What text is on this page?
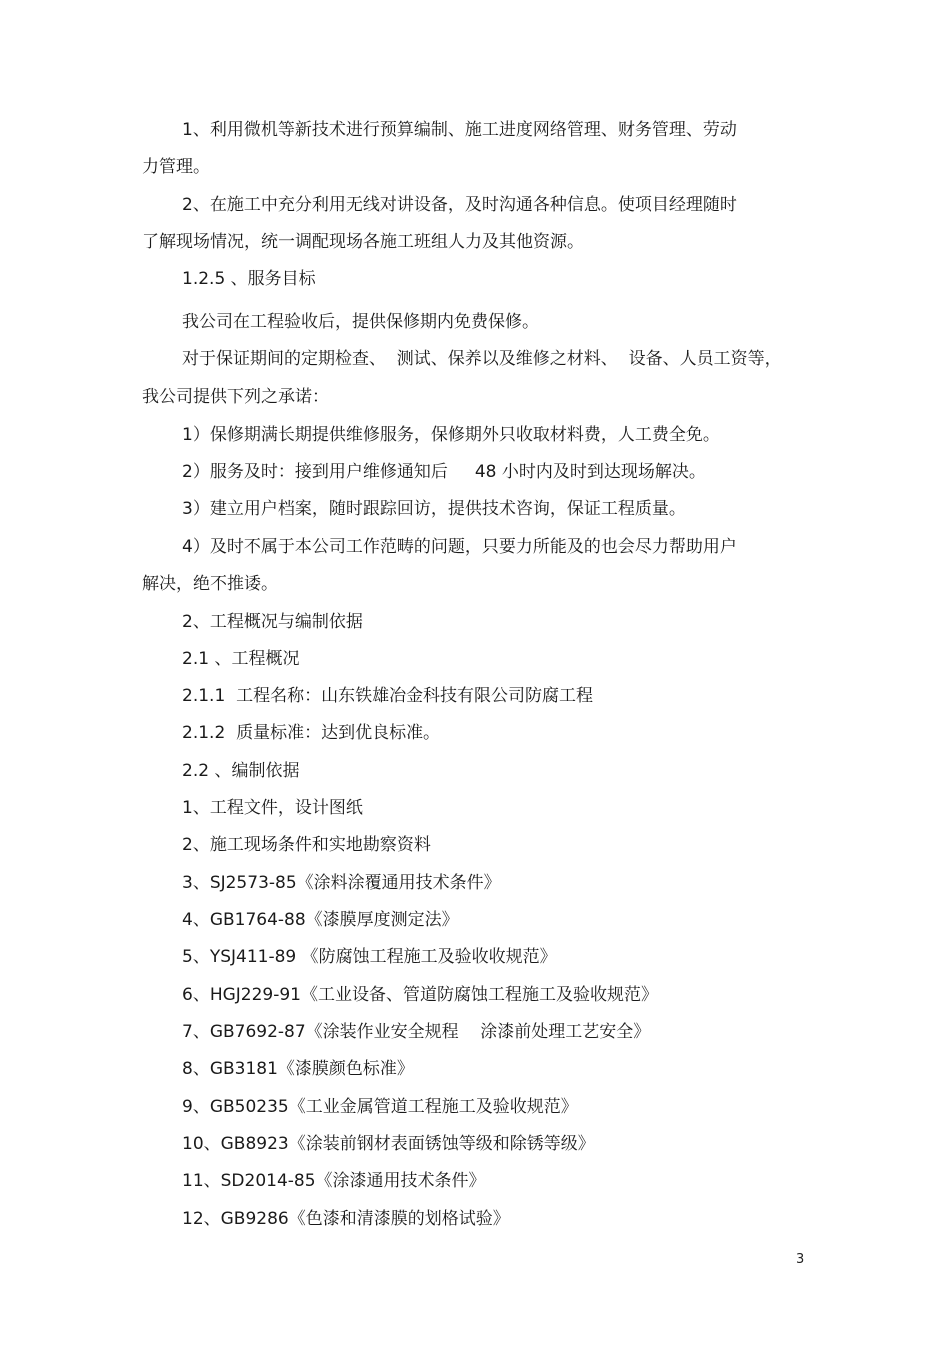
1、利用微机等新技术进行预算编制、施工进度网络管理、财务管理、劳动
力管理。
2、在施工中充分利用无线对讲设备，及时沟通各种信息。使项目经理随时
了解现场情况，统一调配现场各施工班组人力及其他资源。
1.2.5 、服务目标
我公司在工程验收后，提供保修期内免费保修。
对于保证期间的定期检查、  测试、保养以及维修之材料、  设备、人员工资等，
我公司提供下列之承诺：
1）保修期满长期提供维修服务，保修期外只收取材料费，人工费全免。
2）服务及时：接到用户维修通知后     48 小时内及时到达现场解决。
3）建立用户档案，随时跟踪回访，提供技术咨询，保证工程质量。
4）及时不属于本公司工作范畴的问题，只要力所能及的也会尽力帮助用户
解决，绝不推诿。
2、工程概况与编制依据
2.1 、工程概况
2.1.1  工程名称：山东铁雄冶金科技有限公司防腐工程
2.1.2  质量标准：达到优良标准。
2.2 、编制依据
1、工程文件，设计图纸
2、施工现场条件和实地勘察资料
3、SJ2573-85《涂料涂覆通用技术条件》
4、GB1764-88《漆膜厚度测定法》
5、YSJ411-89 《防腐蚀工程施工及验收收规范》
6、HGJ229-91《工业设备、管道防腐蚀工程施工及验收规范》
7、GB7692-87《涂装作业安全规程    涂漆前处理工艺安全》
8、GB3181《漆膜颜色标准》
9、GB50235《工业金属管道工程施工及验收规范》
10、GB8923《涂装前钢材表面锈蚀等级和除锈等级》
11、SD2014-85《涂漆通用技术条件》
12、GB9286《色漆和清漆膜的划格试验》
3
